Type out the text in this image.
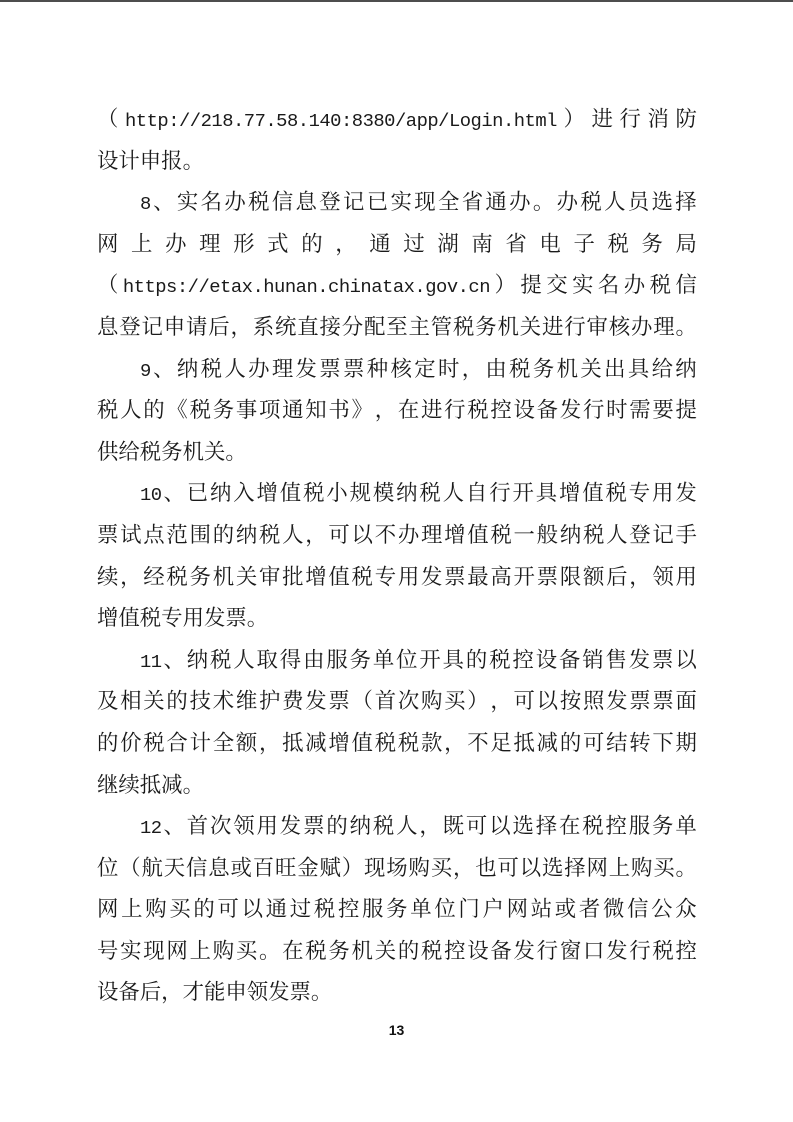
（ http://218.77.58.140:8380/app/Login.html ） 进 行 消 防
设计申报。
8 、 实 名 办 税 信 息 登 记 已 实 现 全 省 通 办 。 办 税 人 员 选 择
网 上 办 理 形 式 的 ， 通 过 湖 南 省 电 子 税 务 局
（ https://etax.hunan.chinatax.gov.cn ） 提 交 实 名 办 税 信
息 登 记 申 请 后 ， 系 统 直 接 分 配 至 主 管 税 务 机 关 进 行 审 核 办 理 。
9 、 纳 税 人 办 理 发 票 票 种 核 定 时 ， 由 税 务 机 关 出 具 给 纳
税 人 的 《 税 务 事 项 通 知 书 》 ， 在 进 行 税 控 设 备 发 行 时 需 要 提
供给税务机关。
10 、 已 纳 入 增 值 税 小 规 模 纳 税 人 自 行 开 具 增 值 税 专 用 发
票 试 点 范 围 的 纳 税 人 ， 可 以 不 办 理 增 值 税 一 般 纳 税 人 登 记 手
续 ， 经 税 务 机 关 审 批 增 值 税 专 用 发 票 最 高 开 票 限 额 后 ， 领 用
增值税专用发票。
11 、 纳 税 人 取 得 由 服 务 单 位 开 具 的 税 控 设 备 销 售 发 票 以
及 相 关 的 技 术 维 护 费 发 票 （ 首 次 购 买 ） ， 可 以 按 照 发 票 票 面
的 价 税 合 计 全 额 ， 抵 减 增 值 税 税 款 ， 不 足 抵 减 的 可 结 转 下 期
继续抵减。
12 、 首 次 领 用 发 票 的 纳 税 人 ， 既 可 以 选 择 在 税 控 服 务 单
位 （ 航 天 信 息 或 百 旺 金 赋 ） 现 场 购 买 ， 也 可 以 选 择 网 上 购 买 。
网 上 购 买 的 可 以 通 过 税 控 服 务 单 位 门 户 网 站 或 者 微 信 公 众
号 实 现 网 上 购 买 。 在 税 务 机 关 的 税 控 设 备 发 行 窗 口 发 行 税 控
设备后，才能申领发票。
13
